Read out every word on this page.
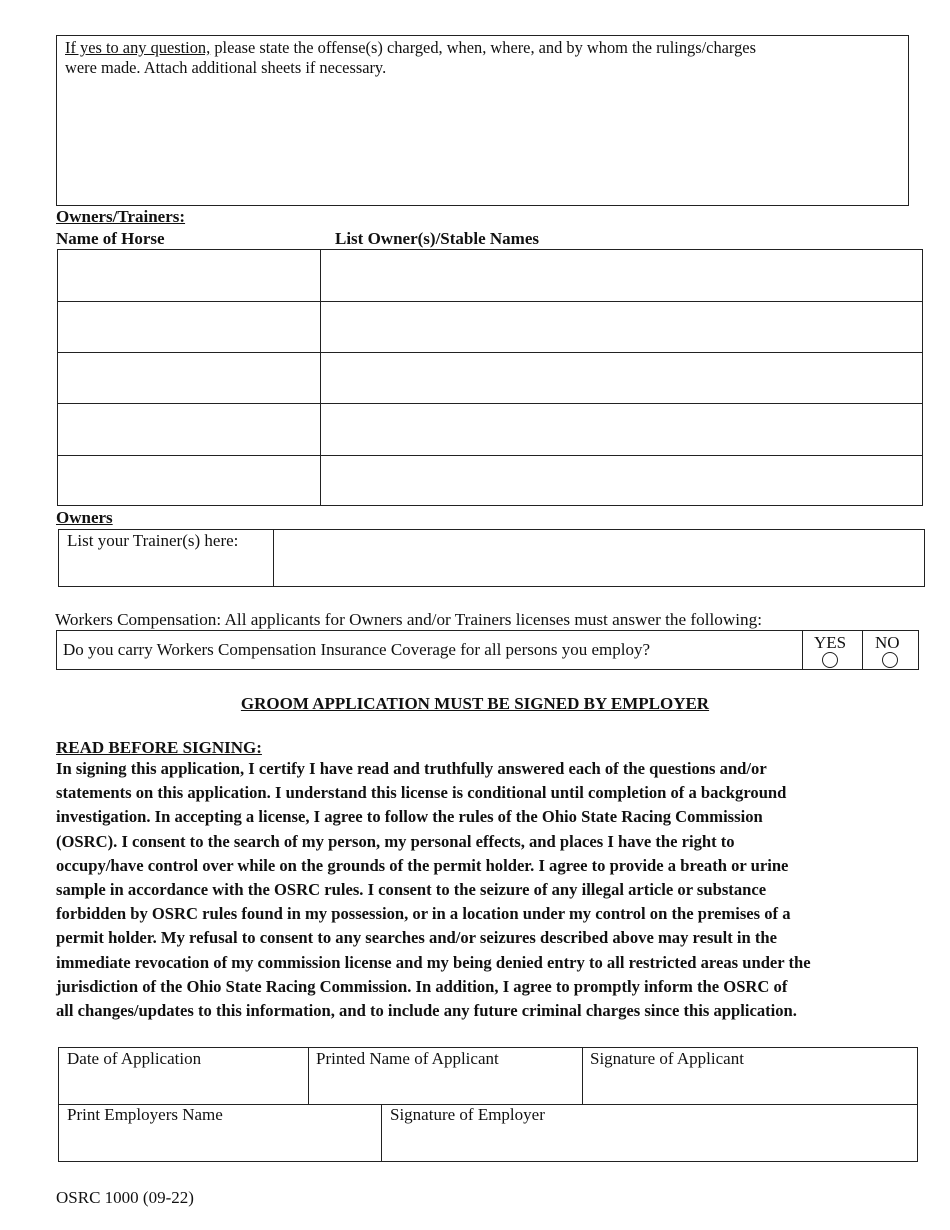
If yes to any question, please state the offense(s) charged, when, where, and by whom the rulings/charges
were made. Attach additional sheets if necessary.
Owners/Trainers:
Name of Horse	List Owner(s)/Stable Names
Owners
List your Trainer(s) here:
Workers Compensation: All applicants for Owners and/or Trainers licenses must answer the following:
Do you carry Workers Compensation Insurance Coverage for all persons you employ?	YES NO
GROOM APPLICATION MUST BE SIGNED BY EMPLOYER
READ BEFORE SIGNING:
In signing this application, I certify I have read and truthfully answered each of the questions and/or
statements on this application. I understand this license is conditional until completion of a background
investigation. In accepting a license, I agree to follow the rules of the Ohio State Racing Commission
(OSRC). I consent to the search of my person, my personal effects, and places I have the right to
occupy/have control over while on the grounds of the permit holder. I agree to provide a breath or urine
sample in accordance with the OSRC rules. I consent to the seizure of any illegal article or substance
forbidden by OSRC rules found in my possession, or in a location under my control on the premises of a
permit holder. My refusal to consent to any searches and/or seizures described above may result in the
immediate revocation of my commission license and my being denied entry to all restricted areas under the
jurisdiction of the Ohio State Racing Commission. In addition, I agree to promptly inform the OSRC of
all changes/updates to this information, and to include any future criminal charges since this application.
Date of Application	Printed Name of Applicant	Signature of Applicant
Print Employers Name	Signature of Employer
OSRC 1000 (09-22)
